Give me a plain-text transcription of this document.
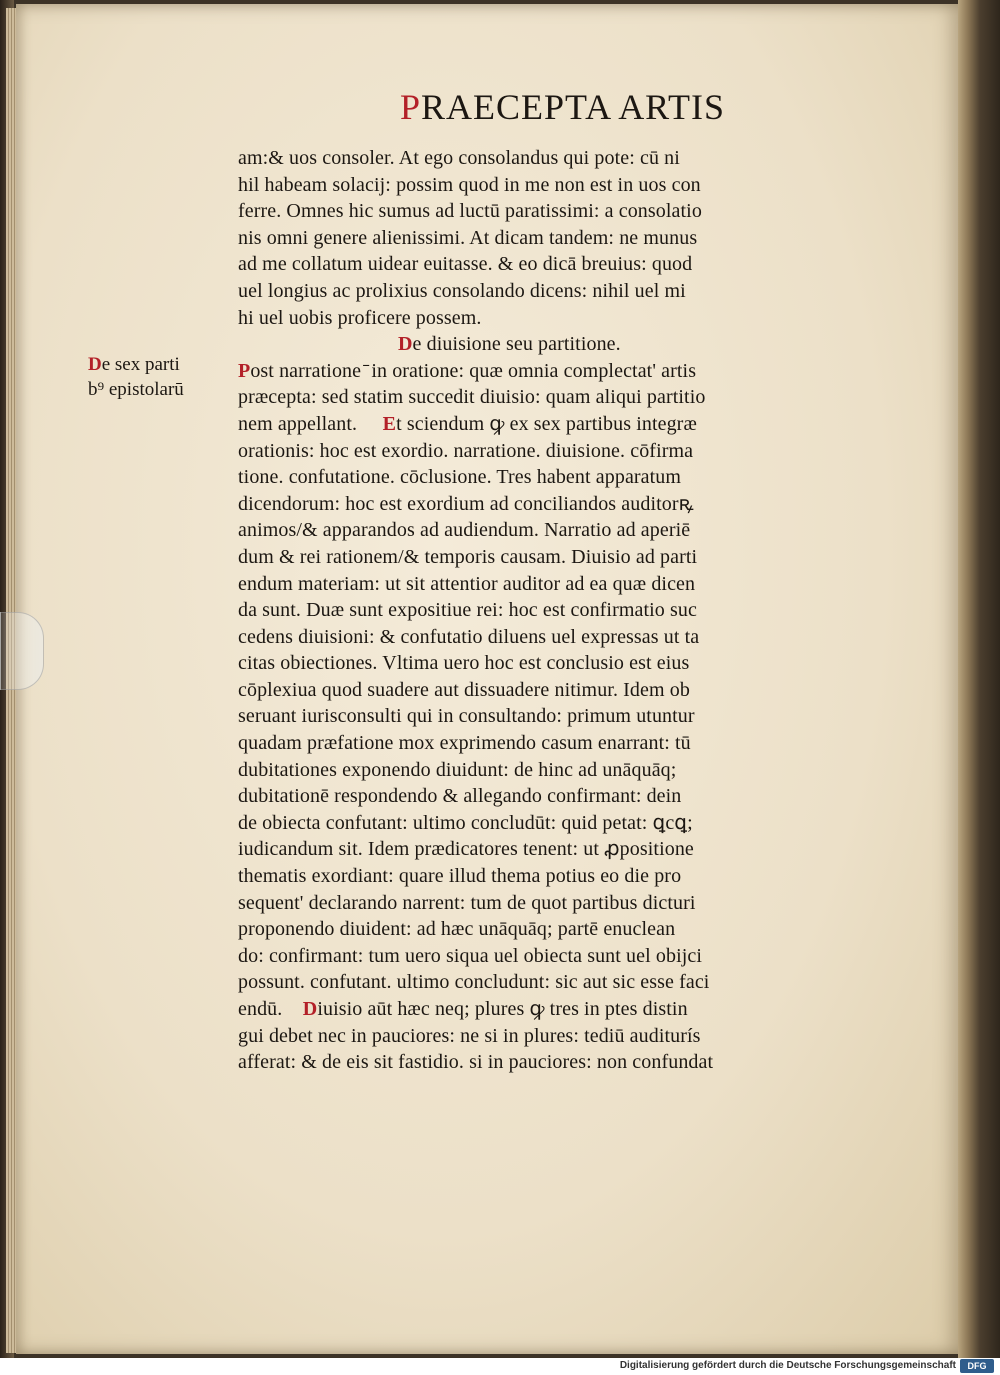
PRAECEPTA ARTIS
De sex parti
b⁹ epistolarū
am:& uos consoler. At ego consolandus qui pote: cū ni
hil habeam solacij: possim quod in me non est in uos con
ferre. Omnes hic sumus ad luctū paratissimi: a consolatio
nis omni genere alienissimi. At dicam tandem: ne munus
ad me collatum uidear euitasse. & eo dicā breuius: quod
uel longius ac prolixius consolando dicens: nihil uel mi
hi uel uobis proficere possem.
De diuisione seu partitione.
Post narratione ̄ in oratione: quæ omnia complectat' artis
præcepta: sed statim succedit diuisio: quam aliqui partitio
nem appellant. Et sciendum ꝙ ex sex partibus integræ
orationis: hoc est exordio. narratione. diuisione. cōfirma
tione. confutatione. cōclusione. Tres habent apparatum
dicendorum: hoc est exordium ad conciliandos auditorꝶ
animos/& apparandos ad audiendum. Narratio ad aperiē
dum & rei rationem/& temporis causam. Diuisio ad parti
endum materiam: ut sit attentior auditor ad ea quæ dicen
da sunt. Duæ sunt expositiue rei: hoc est confirmatio suc
cedens diuisioni: & confutatio diluens uel expressas ut ta
citas obiectiones. Vltima uero hoc est conclusio est eius
cōplexiua quod suadere aut dissuadere nitimur. Idem ob
seruant iurisconsulti qui in consultando: primum utuntur
quadam præfatione mox exprimendo casum enarrant: tū
dubitationes exponendo diuidunt: de hinc ad unāquāq;
dubitationē respondendo & allegando confirmant: dein
de obiecta confutant: ultimo concludūt: quid petat: ꝗcꝗ;
iudicandum sit. Idem prædicatores tenent: ut ꝓpositione
thematis exordiant: quare illud thema potius eo die pro
sequent' declarando narrent: tum de quot partibus dicturi
proponendo diuident: ad hæc unāquāq; partē enuclean
do: confirmant: tum uero siqua uel obiecta sunt uel obijci
possunt. confutant. ultimo concludunt: sic aut sic esse faci
endū. Diuisio aūt hæc neq; plures ꝙ tres in ptes distin
gui debet nec in pauciores: ne si in plures: tediū auditurís
afferat: & de eis sit fastidio. si in pauciores: non confundat
Digitalisierung gefördert durch die Deutsche Forschungsgemeinschaft	DFG
